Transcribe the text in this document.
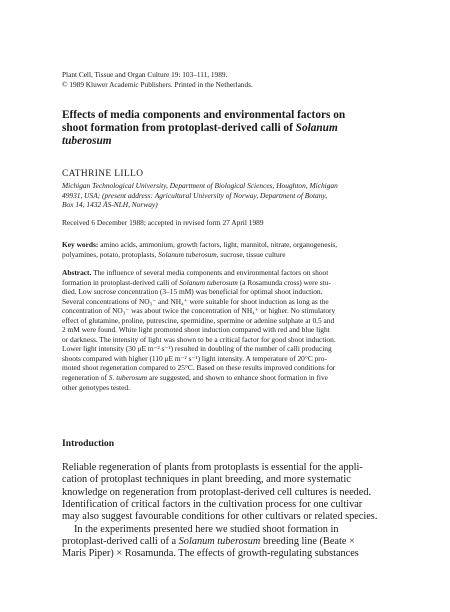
Plant Cell, Tissue and Organ Culture 19: 103–111, 1989.
© 1989 Kluwer Academic Publishers. Printed in the Netherlands.
Effects of media components and environmental factors on
shoot formation from protoplast-derived calli of Solanum
tuberosum
CATHRINE LILLO
Michigan Technological University, Department of Biological Sciences, Houghton, Michigan
49931, USA; (present address: Agricultural University of Norway, Department of Botany,
Box 14, 1432 ÅS-NLH, Norway)
Received 6 December 1988; accepted in revised form 27 April 1989
Key words: amino acids, ammonium, growth factors, light, mannitol, nitrate, organogenesis,
polyamines, potato, protoplasts, Solanum tuberosum, sucrose, tissue culture
Abstract. The influence of several media components and environmental factors on shoot
formation in protoplast-derived calli of Solanum tuberosum (a Rosamunda cross) were stu-
died. Low sucrose concentration (3–15 mM) was beneficial for optimal shoot induction.
Several concentrations of NO₃⁻ and NH₄⁺ were suitable for shoot induction as long as the
concentration of NO₃⁻ was about twice the concentration of NH₄⁺ or higher. No stimulatory
effect of glutamine, proline, putrescine, spermidine, spermine or adenine sulphate at 0.5 and
2 mM were found. White light promoted shoot induction compared with red and blue light
or darkness. The intensity of light was shown to be a critical factor for good shoot induction.
Lower light intensity (30 μE m⁻² s⁻¹) resulted in doubling of the number of calli producing
shoots compared with higher (110 μE m⁻² s⁻¹) light intensity. A temperature of 20°C pro-
moted shoot regeneration compared to 25°C. Based on these results improved conditions for
regeneration of S. tuberosum are suggested, and shown to enhance shoot formation in five
other genotypes tested.
Introduction
Reliable regeneration of plants from protoplasts is essential for the appli-
cation of protoplast techniques in plant breeding, and more systematic
knowledge on regeneration from protoplast-derived cell cultures is needed.
Identification of critical factors in the cultivation process for one cultivar
may also suggest favourable conditions for other cultivars or related species.
In the experiments presented here we studied shoot formation in
protoplast-derived calli of a Solanum tuberosum breeding line (Beate ×
Maris Piper) × Rosamunda. The effects of growth-regulating substances
